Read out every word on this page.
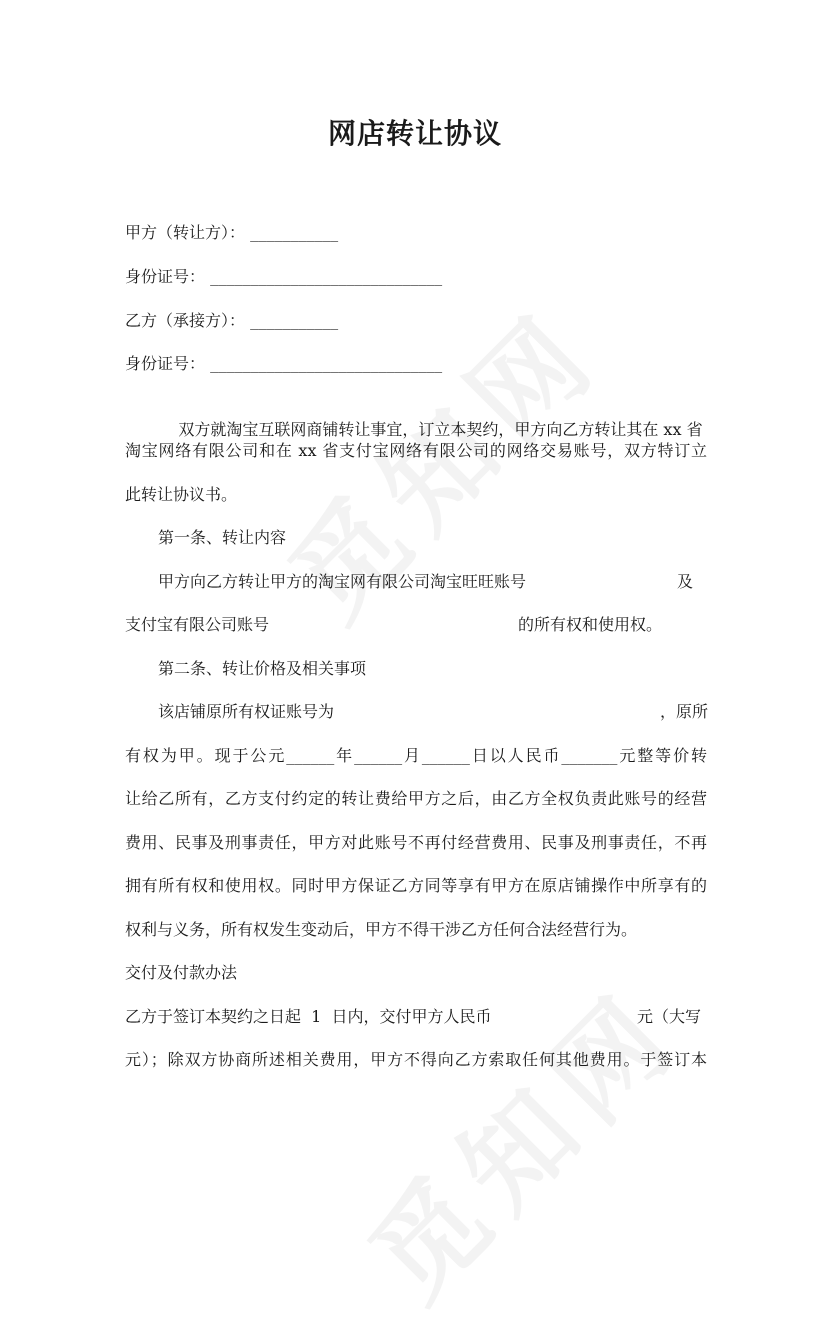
网店转让协议
甲方（转让方）： ___________
身份证号： _____________________________
乙方（承接方）： ___________
身份证号： _____________________________

双方就淘宝互联网商铺转让事宜，订立本契约，甲方向乙方转让其在 xx 省

淘宝网络有限公司和在 xx 省支付宝网络有限公司的网络交易账号，双方特订立
此转让协议书。
第一条、转让内容
甲方向乙方转让甲方的淘宝网有限公司淘宝旺旺账号	及
支付宝有限公司账号	的所有权和使用权。
第二条、转让价格及相关事项
该店铺原所有权证账号为	，原所
有权为甲。现于公元______年______月______日以人民币_______元整等价转
让给乙所有，乙方支付约定的转让费给甲方之后，由乙方全权负责此账号的经营
费用、民事及刑事责任，甲方对此账号不再付经营费用、民事及刑事责任，不再
拥有所有权和使用权。同时甲方保证乙方同等享有甲方在原店铺操作中所享有的
权利与义务，所有权发生变动后，甲方不得干涉乙方任何合法经营行为。
交付及付款办法
乙方于签订本契约之日起  1  日内，交付甲方人民币	元（大写
元）；除双方协商所述相关费用，甲方不得向乙方索取任何其他费用。于签订本
